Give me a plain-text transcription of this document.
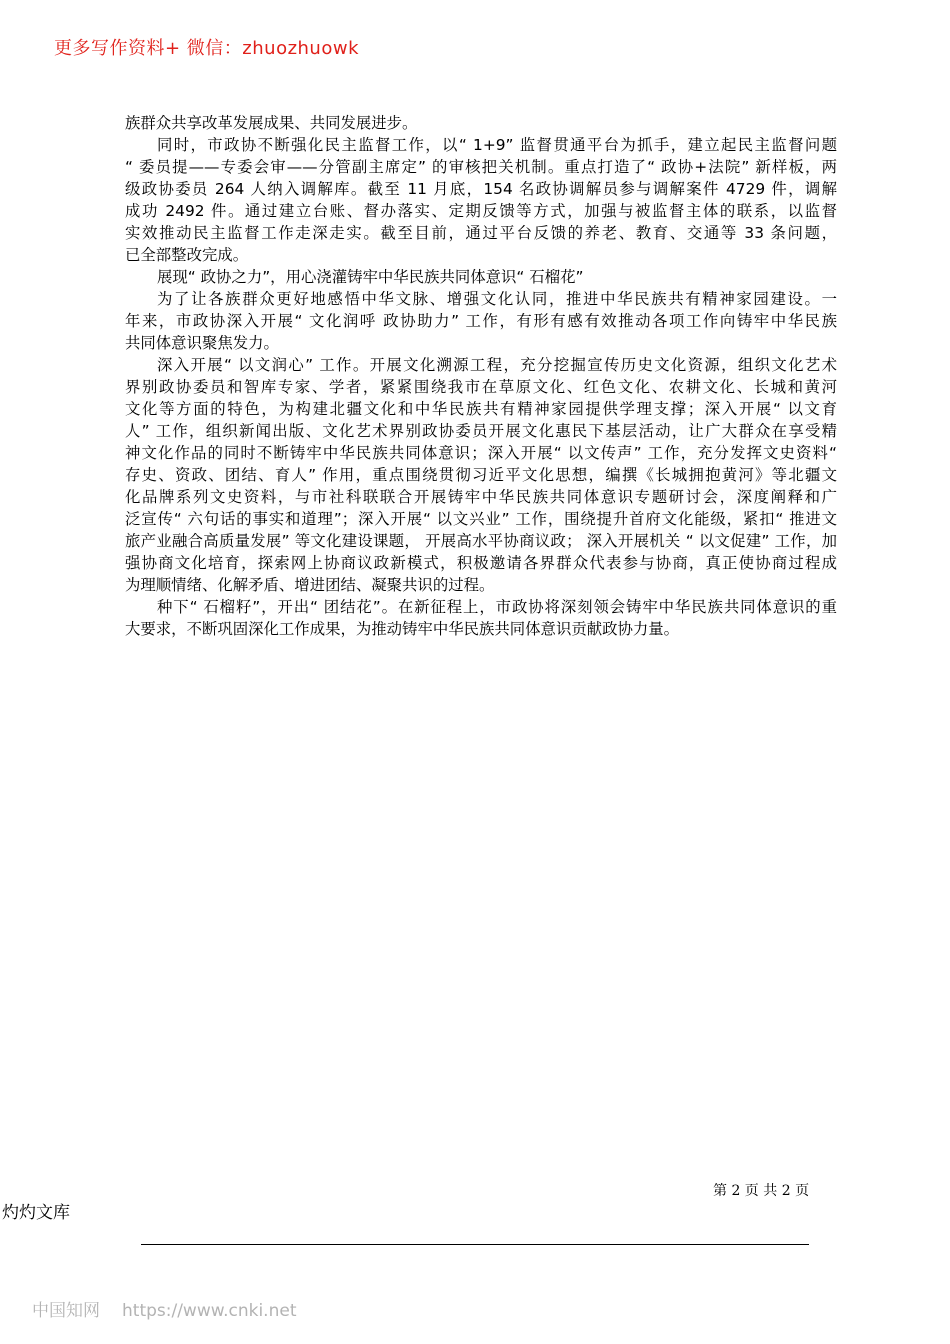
更多写作资料+ 微信：zhuozhuowk
族群众共享改革发展成果、共同发展进步。
同时，市政协不断强化民主监督工作，以“ 1+9” 监督贯通平台为抓手，建立起民主监督问题
“ 委员提——专委会审——分管副主席定” 的审核把关机制。重点打造了“ 政协+法院” 新样板，两
级政协委员 264 人纳入调解库。截至 11 月底，154 名政协调解员参与调解案件 4729 件，调解
成功 2492 件。通过建立台账、督办落实、定期反馈等方式，加强与被监督主体的联系，以监督
实效推动民主监督工作走深走实。截至目前，通过平台反馈的养老、教育、交通等 33 条问题，
已全部整改完成。
展现“ 政协之力”，用心浇灌铸牢中华民族共同体意识“ 石榴花”
为了让各族群众更好地感悟中华文脉、增强文化认同，推进中华民族共有精神家园建设。一
年来，市政协深入开展“ 文化润呼 政协助力” 工作，有形有感有效推动各项工作向铸牢中华民族
共同体意识聚焦发力。
深入开展“ 以文润心” 工作。开展文化溯源工程，充分挖掘宣传历史文化资源，组织文化艺术
界别政协委员和智库专家、学者，紧紧围绕我市在草原文化、红色文化、农耕文化、长城和黄河
文化等方面的特色，为构建北疆文化和中华民族共有精神家园提供学理支撑；深入开展“ 以文育
人” 工作，组织新闻出版、文化艺术界别政协委员开展文化惠民下基层活动，让广大群众在享受精
神文化作品的同时不断铸牢中华民族共同体意识；深入开展“ 以文传声” 工作，充分发挥文史资料“
存史、资政、团结、育人” 作用，重点围绕贯彻习近平文化思想，编撰《长城拥抱黄河》等北疆文
化品牌系列文史资料，与市社科联联合开展铸牢中华民族共同体意识专题研讨会，深度阐释和广
泛宣传“ 六句话的事实和道理”；深入开展“ 以文兴业” 工作，围绕提升首府文化能级，紧扣“ 推进文
旅产业融合高质量发展” 等文化建设课题， 开展高水平协商议政； 深入开展机关 “ 以文促建” 工作，加
强协商文化培育，探索网上协商议政新模式，积极邀请各界群众代表参与协商，真正使协商过程成
为理顺情绪、化解矛盾、增进团结、凝聚共识的过程。
种下“ 石榴籽”，开出“ 团结花”。在新征程上，市政协将深刻领会铸牢中华民族共同体意识的重
大要求，不断巩固深化工作成果，为推动铸牢中华民族共同体意识贡献政协力量。
第 2 页 共 2 页
灼灼文库
中国知网 https://www.cnki.net
